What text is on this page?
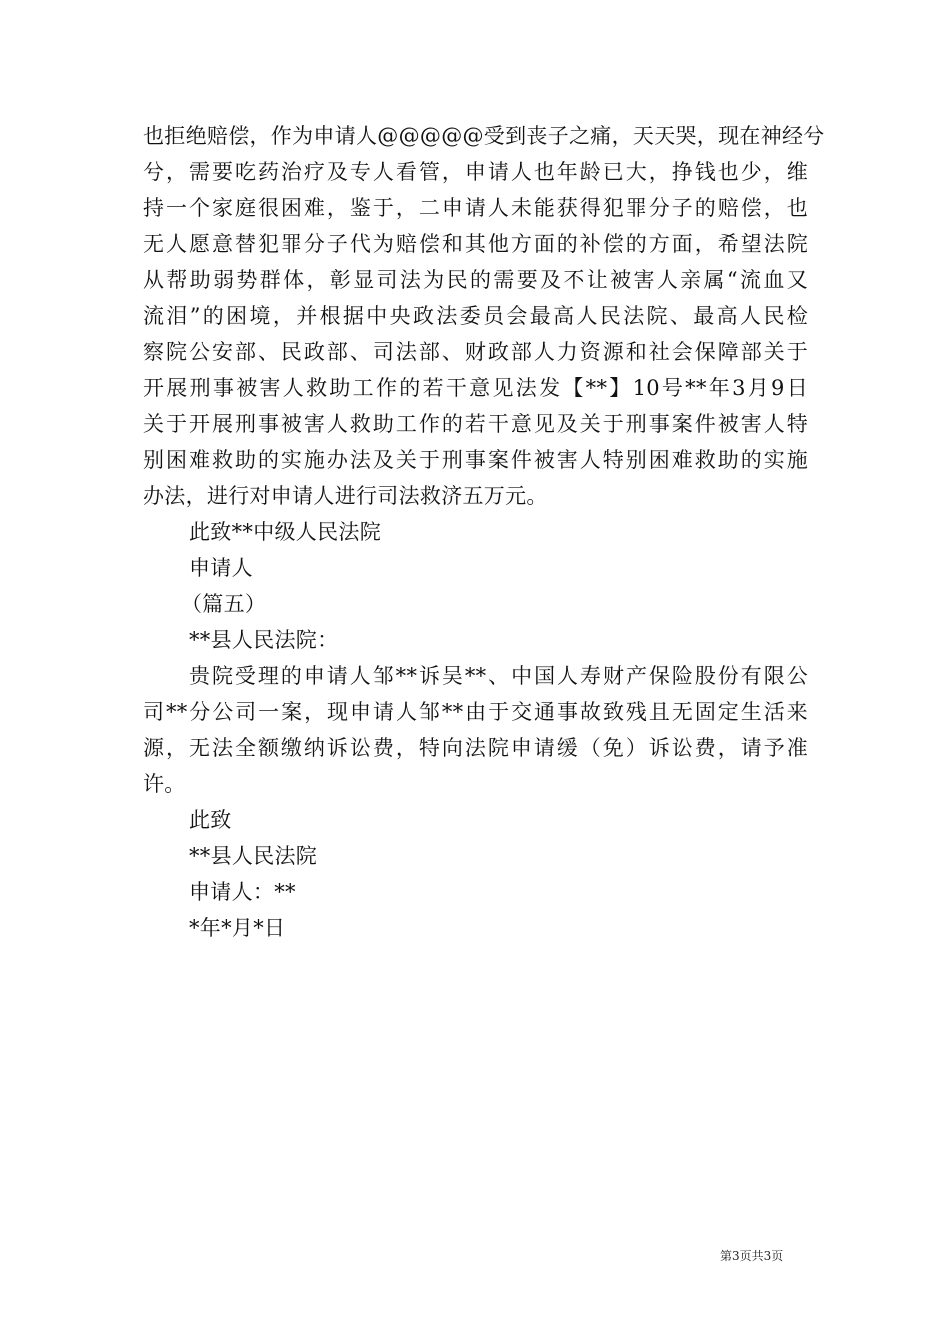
也拒绝赔偿，作为申请人@@@@@受到丧子之痛，天天哭，现在神经兮
兮，需要吃药治疗及专人看管，申请人也年龄已大，挣钱也少，维
持一个家庭很困难，鉴于，二申请人未能获得犯罪分子的赔偿，也
无人愿意替犯罪分子代为赔偿和其他方面的补偿的方面，希望法院
从帮助弱势群体，彰显司法为民的需要及不让被害人亲属“流血又
流泪”的困境，并根据中央政法委员会最高人民法院、最高人民检
察院公安部、民政部、司法部、财政部人力资源和社会保障部关于
开展刑事被害人救助工作的若干意见法发【**】10号**年3月9日
关于开展刑事被害人救助工作的若干意见及关于刑事案件被害人特
别困难救助的实施办法及关于刑事案件被害人特别困难救助的实施
办法，进行对申请人进行司法救济五万元。
此致**中级人民法院
申请人
（篇五）
**县人民法院：
贵院受理的申请人邹**诉吴**、中国人寿财产保险股份有限公
司**分公司一案，现申请人邹**由于交通事故致残且无固定生活来
源，无法全额缴纳诉讼费，特向法院申请缓（免）诉讼费，请予准
许。
此致
**县人民法院
申请人：**
*年*月*日
第3页共3页
